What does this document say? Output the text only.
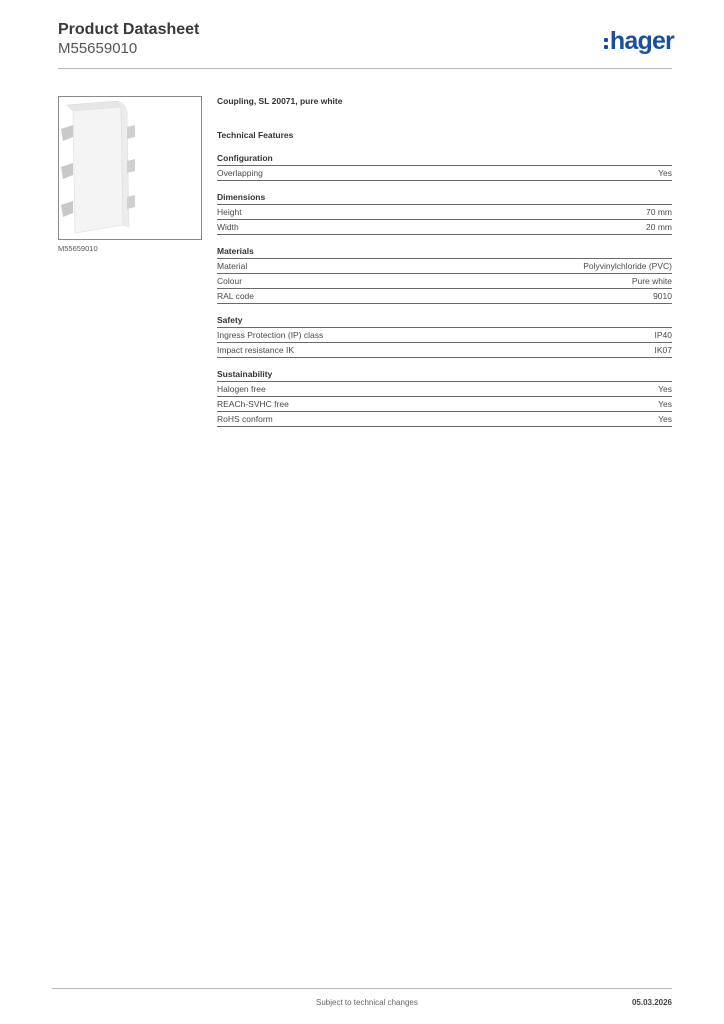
Product Datasheet
M55659010	hager
M55659010
Coupling, SL 20071, pure white
Technical Features
Configuration
Overlapping	Yes
Dimensions
Height	70 mm
Width	20 mm
Materials
Material	Polyvinylchloride (PVC)
Colour	Pure white
RAL code	9010
Safety
Ingress Protection (IP) class	IP40
Impact resistance IK	IK07
Sustainability
Halogen free	Yes
REACh-SVHC free	Yes
RoHS conform	Yes
Subject to technical changes	05.03.2026
